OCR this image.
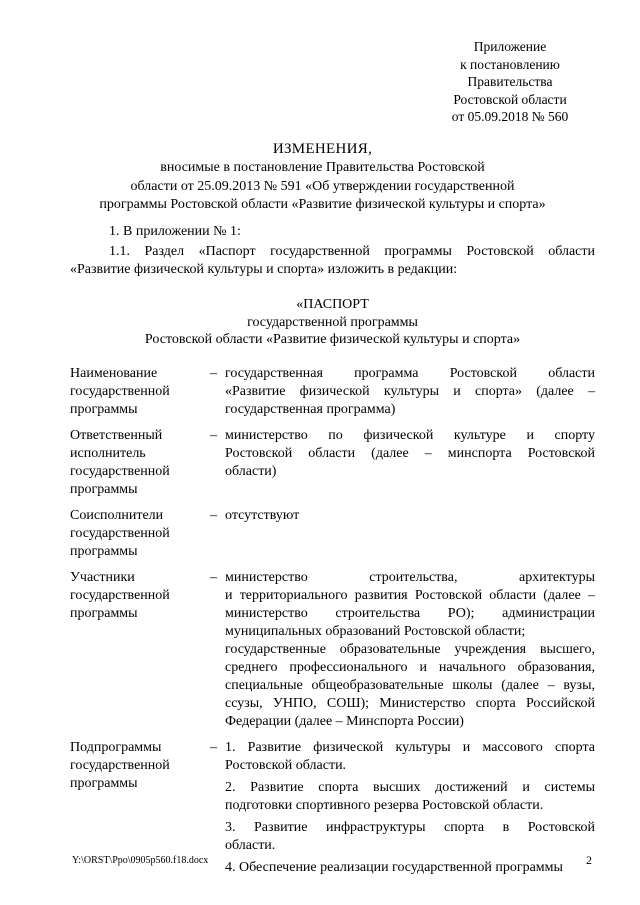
Приложение
к постановлению
Правительства
Ростовской области
от 05.09.2018 № 560
ИЗМЕНЕНИЯ,
вносимые в постановление Правительства Ростовской
области от 25.09.2013 № 591 «Об утверждении государственной
программы Ростовской области «Развитие физической культуры и спорта»
1. В приложении № 1:
1.1. Раздел «Паспорт государственной программы Ростовской области
«Развитие физической культуры и спорта» изложить в редакции:
«ПАСПОРТ
государственной программы
Ростовской области «Развитие физической культуры и спорта»
Наименование
государственной
программы
– государственная программа Ростовской области
«Развитие физической культуры и спорта» (далее –
государственная программа)
Ответственный
исполнитель
государственной
программы
– министерство по физической культуре и спорту
Ростовской области (далее – минспорта Ростовской
области)
Соисполнители
государственной
программы
– отсутствуют
Участники
государственной
программы
– министерство строительства, архитектуры
и территориального развития Ростовской области (далее –
министерство строительства РО); администрации
муниципальных образований Ростовской области;
государственные образовательные учреждения высшего,
среднего профессионального и начального образования,
специальные общеобразовательные школы (далее – вузы,
ссузы, УНПО, СОШ); Министерство спорта Российской
Федерации (далее – Минспорта России)
Подпрограммы
государственной
программы
– 1. Развитие физической культуры и массового спорта
Ростовской области.
2. Развитие спорта высших достижений и системы
подготовки спортивного резерва Ростовской области.
3. Развитие инфраструктуры спорта в Ростовской
области.
4. Обеспечение реализации государственной программы
Y:\ORST\Ppo\0905p560.f18.docx	2
